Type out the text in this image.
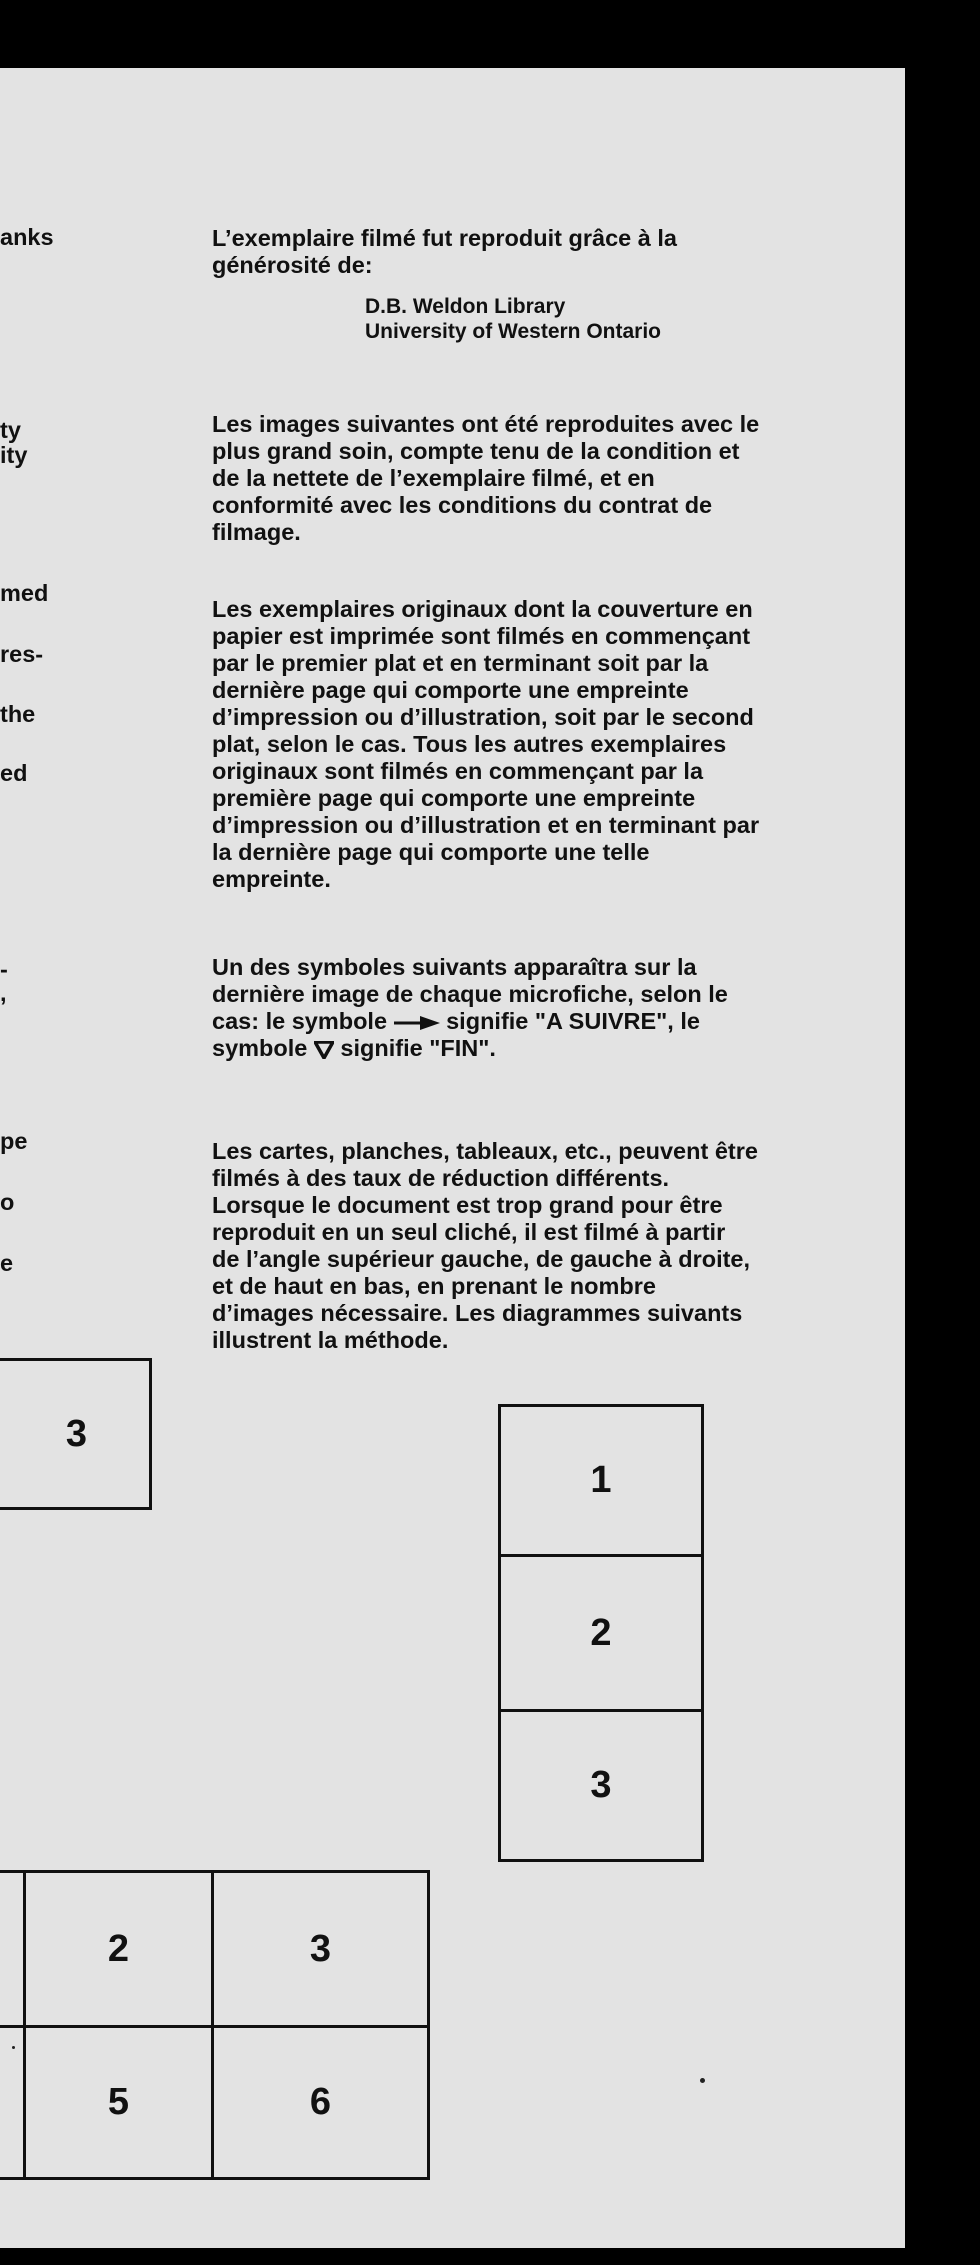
anks
ty
ity
med
res-
the
ed
-
,
pe
o
e
L’exemplaire filmé fut reproduit grâce à la
générosité de:
D.B. Weldon Library
University of Western Ontario
Les images suivantes ont été reproduites avec le
plus grand soin, compte tenu de la condition et
de la nettete de l’exemplaire filmé, et en
conformité avec les conditions du contrat de
filmage.
Les exemplaires originaux dont la couverture en
papier est imprimée sont filmés en commençant
par le premier plat et en terminant soit par la
dernière page qui comporte une empreinte
d’impression ou d’illustration, soit par le second
plat, selon le cas. Tous les autres exemplaires
originaux sont filmés en commençant par la
première page qui comporte une empreinte
d’impression ou d’illustration et en terminant par
la dernière page qui comporte une telle
empreinte.
Un des symboles suivants apparaîtra sur la
dernière image de chaque microfiche, selon le
cas: le symbole	signifie "A SUIVRE", le
symbole signifie "FIN".
Les cartes, planches, tableaux, etc., peuvent être
filmés à des taux de réduction différents.
Lorsque le document est trop grand pour être
reproduit en un seul cliché, il est filmé à partir
de l’angle supérieur gauche, de gauche à droite,
et de haut en bas, en prenant le nombre
d’images nécessaire. Les diagrammes suivants
illustrent la méthode.
3
1
2
3
2	3
5	6
